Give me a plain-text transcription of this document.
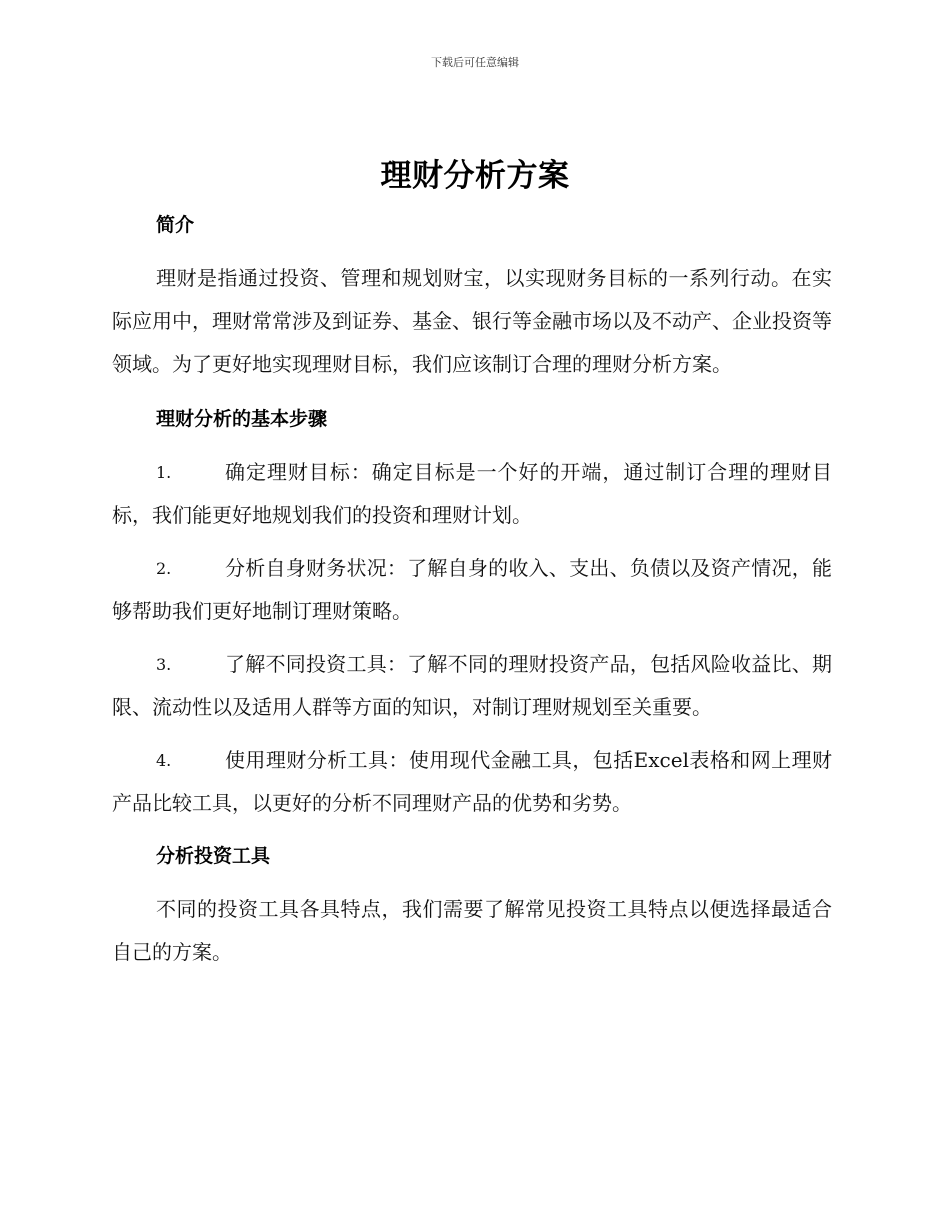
下载后可任意编辑
理财分析方案
简介
理财是指通过投资、管理和规划财宝，以实现财务目标的一系列行动。在实际应用中，理财常常涉及到证券、基金、银行等金融市场以及不动产、企业投资等领域。为了更好地实现理财目标，我们应该制订合理的理财分析方案。
理财分析的基本步骤
1.	确定理财目标：确定目标是一个好的开端，通过制订合理的理财目标，我们能更好地规划我们的投资和理财计划。
2.	分析自身财务状况：了解自身的收入、支出、负债以及资产情况，能够帮助我们更好地制订理财策略。
3.	了解不同投资工具：了解不同的理财投资产品，包括风险收益比、期限、流动性以及适用人群等方面的知识，对制订理财规划至关重要。
4.	使用理财分析工具：使用现代金融工具，包括Excel表格和网上理财产品比较工具，以更好的分析不同理财产品的优势和劣势。
分析投资工具
不同的投资工具各具特点，我们需要了解常见投资工具特点以便选择最适合自己的方案。
